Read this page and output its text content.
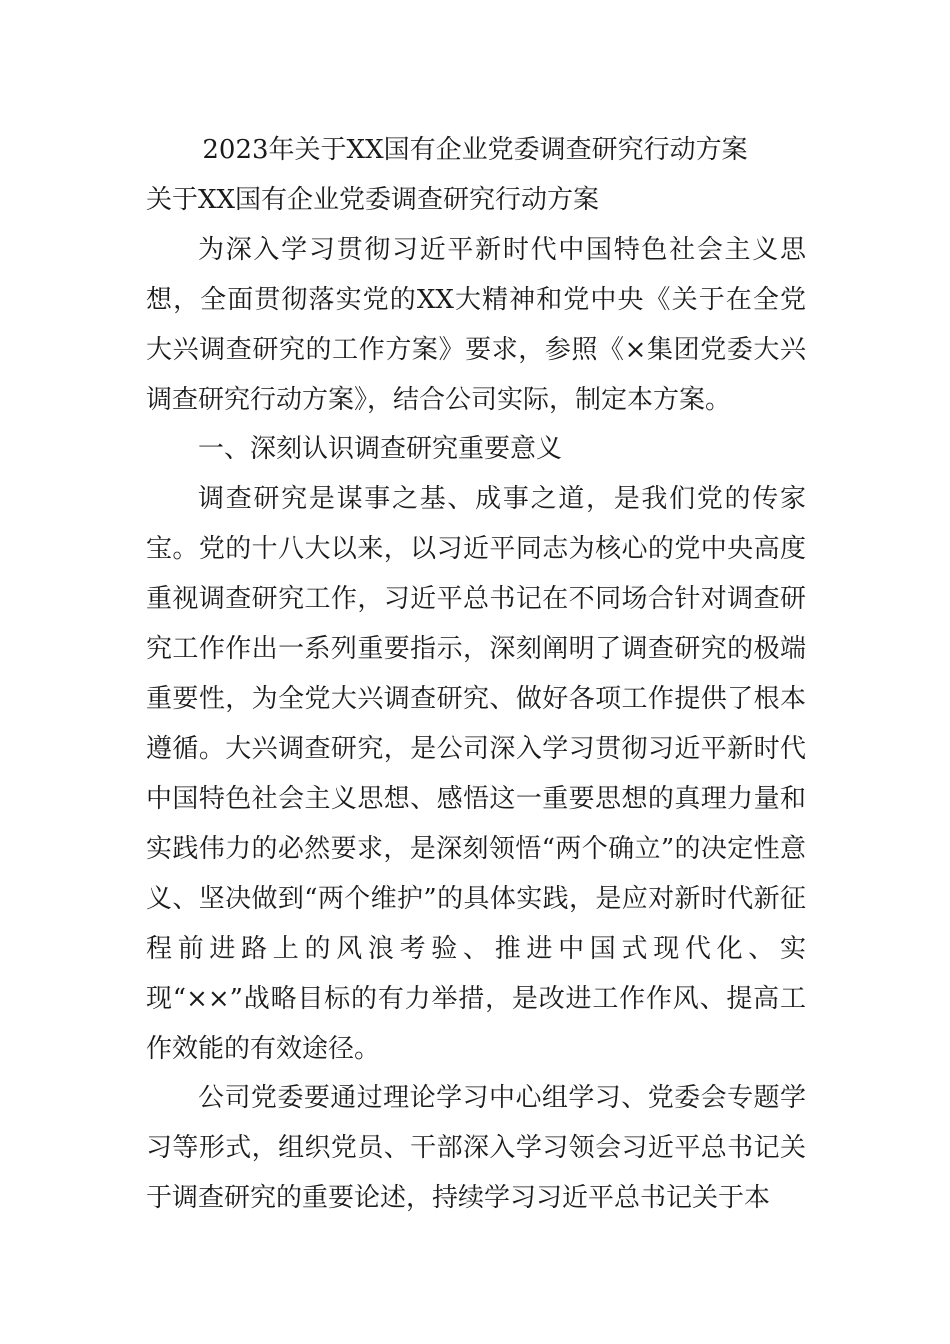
2023年关于XX国有企业党委调查研究行动方案
关于XX国有企业党委调查研究行动方案

为深入学习贯彻习近平新时代中国特色社会主义思想，全面贯彻落实党的XX大精神和党中央《关于在全党大兴调查研究的工作方案》要求，参照《×集团党委大兴调查研究行动方案》，结合公司实际，制定本方案。

一、深刻认识调查研究重要意义

调查研究是谋事之基、成事之道，是我们党的传家宝。党的十八大以来，以习近平同志为核心的党中央高度重视调查研究工作，习近平总书记在不同场合针对调查研究工作作出一系列重要指示，深刻阐明了调查研究的极端重要性，为全党大兴调查研究、做好各项工作提供了根本遵循。大兴调查研究，是公司深入学习贯彻习近平新时代中国特色社会主义思想、感悟这一重要思想的真理力量和实践伟力的必然要求，是深刻领悟“两个确立”的决定性意义、坚决做到“两个维护”的具体实践，是应对新时代新征程前进路上的风浪考验、推进中国式现代化、实现“××”战略目标的有力举措，是改进工作作风、提高工作效能的有效途径。

公司党委要通过理论学习中心组学习、党委会专题学习等形式，组织党员、干部深入学习领会习近平总书记关于调查研究的重要论述，持续学习习近平总书记关于本
